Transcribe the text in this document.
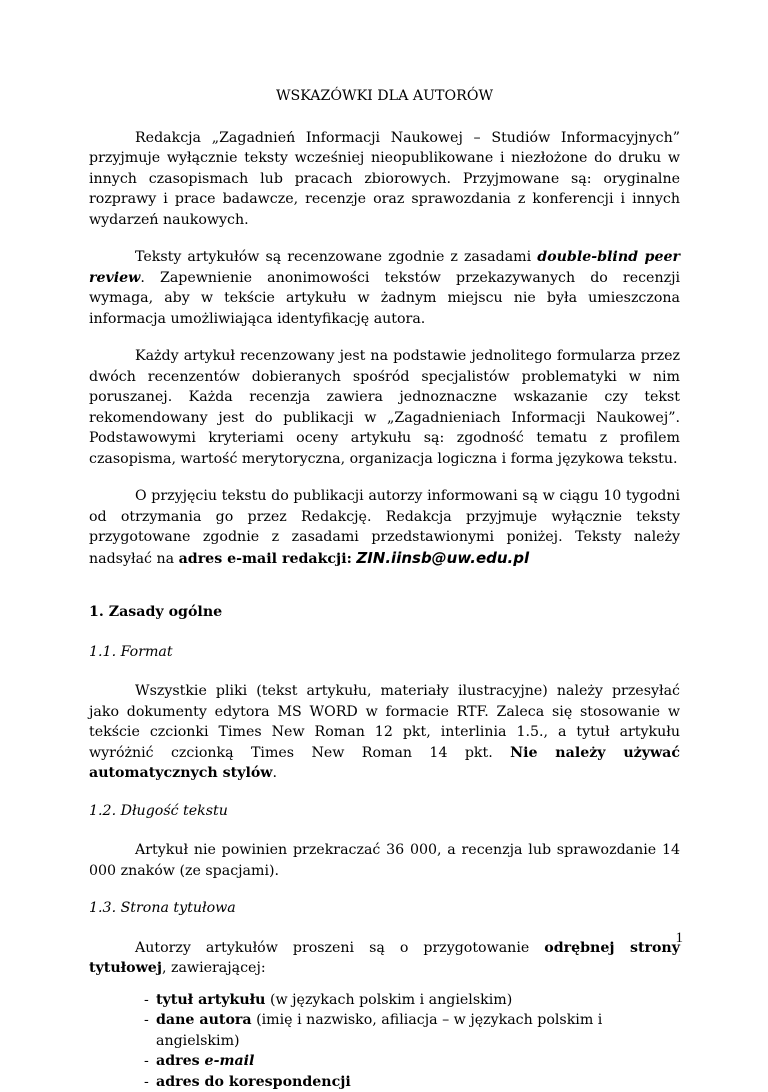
WSKAZÓWKI DLA AUTORÓW

Redakcja „Zagadnień Informacji Naukowej – Studiów Informacyjnych” przyjmuje wyłącznie teksty wcześniej nieopublikowane i niezłożone do druku w innych czasopismach lub pracach zbiorowych. Przyjmowane są: oryginalne rozprawy i prace badawcze, recenzje oraz sprawozdania z konferencji i innych wydarzeń naukowych.

Teksty artykułów są recenzowane zgodnie z zasadami double-blind peer review. Zapewnienie anonimowości tekstów przekazywanych do recenzji wymaga, aby w tekście artykułu w żadnym miejscu nie była umieszczona informacja umożliwiająca identyfikację autora.

Każdy artykuł recenzowany jest na podstawie jednolitego formularza przez dwóch recenzentów dobieranych spośród specjalistów problematyki w nim poruszanej. Każda recenzja zawiera jednoznaczne wskazanie czy tekst rekomendowany jest do publikacji w „Zagadnieniach Informacji Naukowej”. Podstawowymi kryteriami oceny artykułu są: zgodność tematu z profilem czasopisma, wartość merytoryczna, organizacja logiczna i forma językowa tekstu.

O przyjęciu tekstu do publikacji autorzy informowani są w ciągu 10 tygodni od otrzymania go przez Redakcję. Redakcja przyjmuje wyłącznie teksty przygotowane zgodnie z zasadami przedstawionymi poniżej. Teksty należy nadsyłać na adres e-mail redakcji: ZIN.iinsb@uw.edu.pl

1. Zasady ogólne
1.1. Format

Wszystkie pliki (tekst artykułu, materiały ilustracyjne) należy przesyłać jako dokumenty edytora MS WORD w formacie RTF. Zaleca się stosowanie w tekście czcionki Times New Roman 12 pkt, interlinia 1.5., a tytuł artykułu wyróżnić czcionką Times New Roman 14 pkt. Nie należy używać automatycznych stylów.

1.2. Długość tekstu

Artykuł nie powinien przekraczać 36 000, a recenzja lub sprawozdanie 14 000 znaków (ze spacjami).

1.3. Strona tytułowa

Autorzy artykułów proszeni są o przygotowanie odrębnej strony tytułowej, zawierającej:

- tytuł artykułu (w językach polskim i angielskim)
- dane autora (imię i nazwisko, afiliacja – w językach polskim i angielskim)
- adres e-mail
- adres do korespondencji
1
